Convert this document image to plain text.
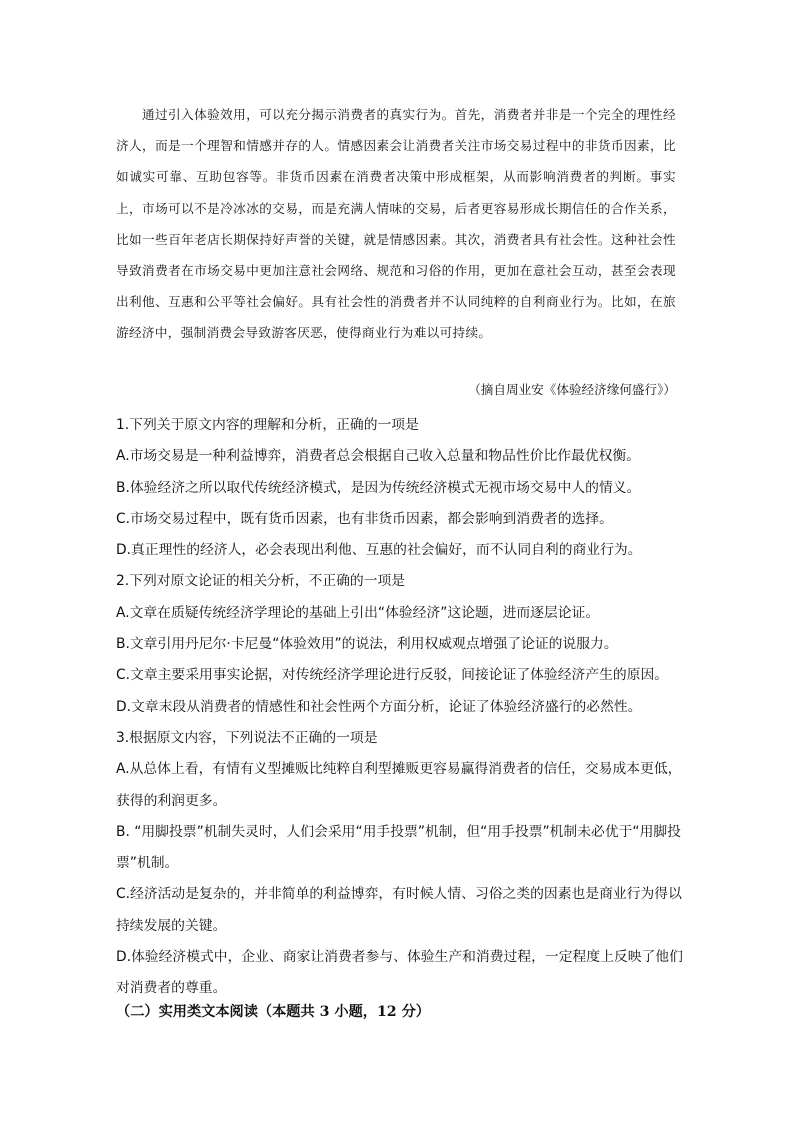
通过引入体验效用，可以充分揭示消费者的真实行为。首先，消费者并非是一个完全的理性经济人，而是一个理智和情感并存的人。情感因素会让消费者关注市场交易过程中的非货币因素，比如诚实可靠、互助包容等。非货币因素在消费者决策中形成框架，从而影响消费者的判断。事实上，市场可以不是冷冰冰的交易，而是充满人情味的交易，后者更容易形成长期信任的合作关系，比如一些百年老店长期保持好声誉的关键，就是情感因素。其次，消费者具有社会性。这种社会性导致消费者在市场交易中更加注意社会网络、规范和习俗的作用，更加在意社会互动，甚至会表现出利他、互惠和公平等社会偏好。具有社会性的消费者并不认同纯粹的自利商业行为。比如，在旅游经济中，强制消费会导致游客厌恶，使得商业行为难以可持续。

（摘自周业安《体验经济缘何盛行》）

1.下列关于原文内容的理解和分析，正确的一项是

A.市场交易是一种利益博弈，消费者总会根据自己收入总量和物品性价比作最优权衡。

B.体验经济之所以取代传统经济模式，是因为传统经济模式无视市场交易中人的情义。

C.市场交易过程中，既有货币因素，也有非货币因素，都会影响到消费者的选择。

D.真正理性的经济人，必会表现出利他、互惠的社会偏好，而不认同自利的商业行为。

2.下列对原文论证的相关分析，不正确的一项是

A.文章在质疑传统经济学理论的基础上引出“体验经济”这论题，进而逐层论证。

B.文章引用丹尼尔·卡尼曼“体验效用”的说法，利用权威观点增强了论证的说服力。

C.文章主要采用事实论据，对传统经济学理论进行反驳，间接论证了体验经济产生的原因。

D.文章末段从消费者的情感性和社会性两个方面分析，论证了体验经济盛行的必然性。

3.根据原文内容，下列说法不正确的一项是

A.从总体上看，有情有义型摊贩比纯粹自利型摊贩更容易赢得消费者的信任，交易成本更低，获得的利润更多。

B. “用脚投票”机制失灵时，人们会采用“用手投票”机制，但“用手投票”机制未必优于“用脚投票”机制。

C.经济活动是复杂的，并非简单的利益博弈，有时候人情、习俗之类的因素也是商业行为得以持续发展的关键。

D.体验经济模式中，企业、商家让消费者参与、体验生产和消费过程，一定程度上反映了他们对消费者的尊重。

（二）实用类文本阅读（本题共 3 小题，12 分）
